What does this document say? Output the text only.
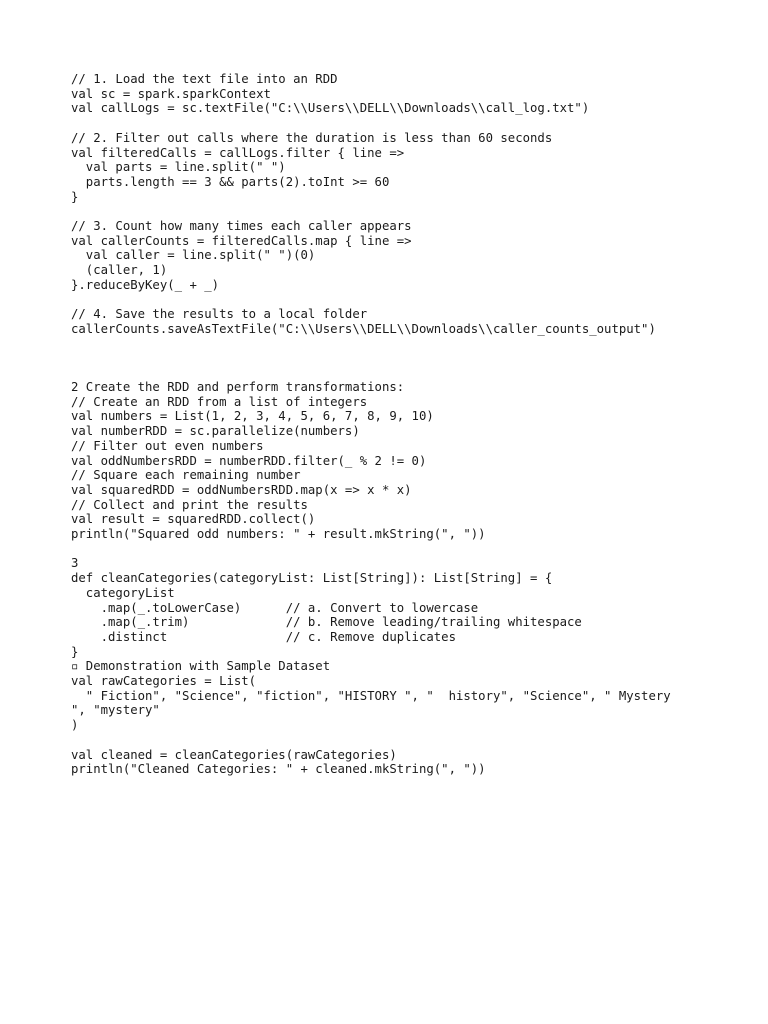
// 1. Load the text file into an RDD
val sc = spark.sparkContext
val callLogs = sc.textFile("C:\\Users\\DELL\\Downloads\\call_log.txt")

// 2. Filter out calls where the duration is less than 60 seconds
val filteredCalls = callLogs.filter { line =>
val parts = line.split(" ")
parts.length == 3 && parts(2).toInt >= 60
}

// 3. Count how many times each caller appears
val callerCounts = filteredCalls.map { line =>
val caller = line.split(" ")(0)
(caller, 1)
}.reduceByKey(_ + _)

// 4. Save the results to a local folder
callerCounts.saveAsTextFile("C:\\Users\\DELL\\Downloads\\caller_counts_output")
2 Create the RDD and perform transformations:
// Create an RDD from a list of integers
val numbers = List(1, 2, 3, 4, 5, 6, 7, 8, 9, 10)
val numberRDD = sc.parallelize(numbers)
// Filter out even numbers
val oddNumbersRDD = numberRDD.filter(_ % 2 != 0)
// Square each remaining number
val squaredRDD = oddNumbersRDD.map(x => x * x)
// Collect and print the results
val result = squaredRDD.collect()
println("Squared odd numbers: " + result.mkString(", "))

3
def cleanCategories(categoryList: List[String]): List[String] = {
categoryList
.map(_.toLowerCase)      // a. Convert to lowercase
.map(_.trim)             // b. Remove leading/trailing whitespace
.distinct                // c. Remove duplicates
}
▫ Demonstration with Sample Dataset
val rawCategories = List(
" Fiction", "Science", "fiction", "HISTORY ", "  history", "Science", " Mystery
", "mystery"
)

val cleaned = cleanCategories(rawCategories)
println("Cleaned Categories: " + cleaned.mkString(", "))
